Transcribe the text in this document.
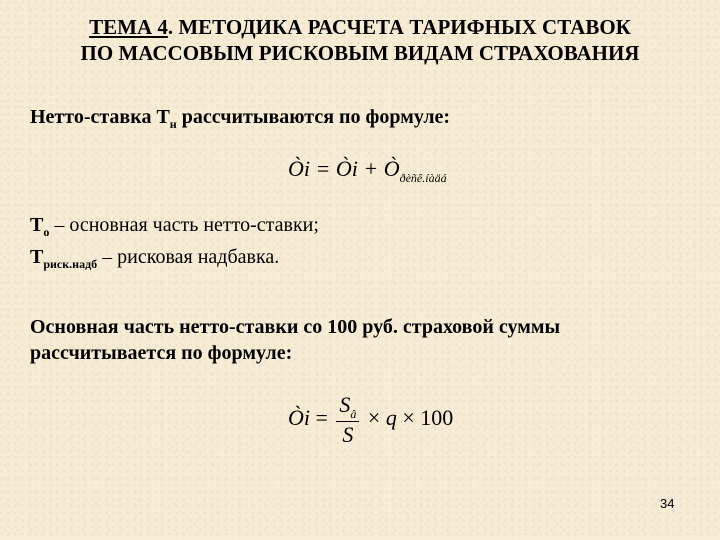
ТЕМА 4. МЕТОДИКА РАСЧЕТА ТАРИФНЫХ СТАВОК
ПО МАССОВЫМ РИСКОВЫМ ВИДАМ СТРАХОВАНИЯ
Нетто-ставка $Т_н$ рассчитываются по формуле:
Òi = Òi + $Ò_{ðèñê.íàäá}$
$Т_о$ – основная часть нетто-ставки;
$Т_{риск.надб}$ – рисковая надбавка.
Основная часть нетто-ставки со 100 руб. страховой суммы
рассчитывается по формуле:
Òi = $\frac{S_â}{S} \times q \times 100$
34
